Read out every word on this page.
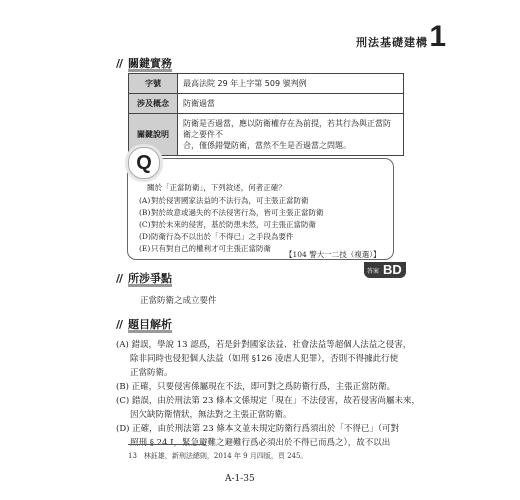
刑法基礎建構 1
// 關鍵實務
字號	最高法院 29 年上字第 509 號判例
涉及概念	防衛過當
關鍵說明	防衛是否過當，應以防衛權存在為前提，若其行為與正當防衛之要件不
合，僅係錯覺防衛，當然不生是否過當之問題。
Q
關於「正當防衛」，下列敘述，何者正確？
(A)對於侵害國家法益的不法行為，可主張正當防衛
(B)對於故意或過失的不法侵害行為，皆可主張正當防衛
(C)對於未來的侵害，基於防患未然，可主張正當防衛
(D)防衛行為不以出於「不得已」之手段為要件
(E)只有對自己的權利才可主張正當防衛
【104 警大一二技（複選）】
答案 BD
// 所涉爭點
正當防衛之成立要件
// 題目解析
(A) 錯誤，學說 13 認爲，若是針對國家法益、社會法益等超個人法益之侵害，
除非同時也侵犯個人法益（如刑 §126 凌虐人犯罪），否則不得據此行使
正當防衛。
(B) 正確，只要侵害係屬現在不法，即可對之爲防衛行爲，主張正當防衛。
(C) 錯誤，由於刑法第 23 條本文係規定「現在」不法侵害，故若侵害尚屬未來，
因欠缺防衛情狀，無法對之主張正當防衛。
(D) 正確，由於刑法第 23 條本文並未規定防衛行爲須出於「不得已」（可對
照刑 § 24 Ⅰ，緊急避難之避難行爲必須出於不得已而爲之），故不以出
13　林鈺雄，新刑法總則，2014 年 9 月四版，頁 245。
A-1-35
